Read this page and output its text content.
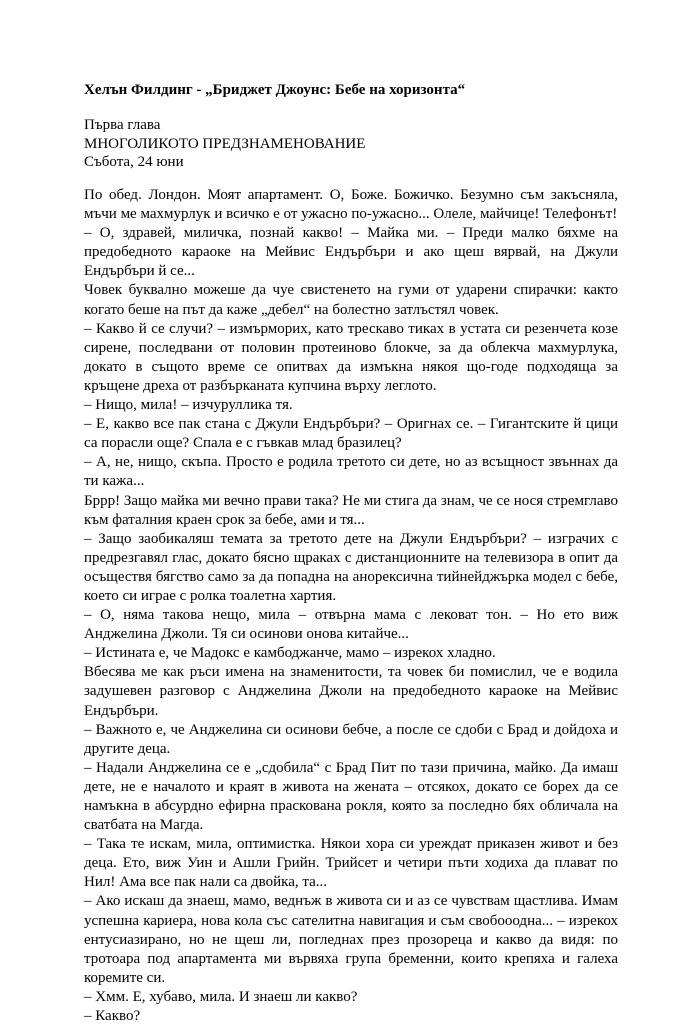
Хелън Филдинг - „Бриджет Джоунс: Бебе на хоризонта“
Първа глава
МНОГОЛИКОТО ПРЕДЗНАМЕНОВАНИЕ
Събота, 24 юни

По обед. Лондон. Моят апартамент. О, Боже. Божичко. Безумно съм закъсняла, мъчи ме махмурлук и всичко е от ужасно по-ужасно... Олеле, майчице! Телефонът!

– О, здравей, миличка, познай какво! – Майка ми. – Преди малко бяхме на предобедното караоке на Мейвис Ендърбъри и ако щеш вярвай, на Джули Ендърбъри й се...

Човек буквално можеше да чуе свистенето на гуми от ударени спирачки: както когато беше на път да каже „дебел“ на болестно затлъстял човек.

– Какво й се случи? – измърморих, като трескаво тиках в устата си резенчета козе сирене, последвани от половин протеиново блокче, за да облекча махмурлука, докато в същото време се опитвах да измъкна някоя що-годе подходяща за кръщене дреха от разбърканата купчина върху леглото.

– Нищо, мила! – изчуруллика тя.

– Е, какво все пак стана с Джули Ендърбъри? – Оригнах се. – Гигантските й цици са порасли още? Спала е с гъвкав млад бразилец?

– А, не, нищо, скъпа. Просто е родила третото си дете, но аз всъщност звъннах да ти кажа...

Бррр! Защо майка ми вечно прави така? Не ми стига да знам, че се нося стремглаво към фаталния краен срок за бебе, ами и тя...

– Защо заобикаляш темата за третото дете на Джули Ендърбъри? – изграчих с предрезгавял глас, докато бясно щраках с дистанционните на телевизора в опит да осъществя бягство само за да попадна на анорексична тийнейджърка модел с бебе, което си играе с ролка тоалетна хартия.

– О, няма такова нещо, мила – отвърна мама с лековат тон. – Но ето виж Анджелина Джоли. Тя си осинови онова китайче...

– Истината е, че Мадокс е камбоджанче, мамо – изрекох хладно.

Вбесява ме как ръси имена на знаменитости, та човек би помислил, че е водила задушевен разговор с Анджелина Джоли на предобедното караоке на Мейвис Ендърбъри.

– Важното е, че Анджелина си осинови бебче, а после се сдоби с Брад и дойдоха и другите деца.

– Надали Анджелина се е „сдобила“ с Брад Пит по тази причина, майко. Да имаш дете, не е началото и краят в живота на жената – отсякох, докато се борех да се намъкна в абсурдно ефирна праскована рокля, която за последно бях обличала на сватбата на Магда.

– Така те искам, мила, оптимистка. Някои хора си уреждат приказен живот и без деца. Ето, виж Уин и Ашли Грийн. Трийсет и четири пъти ходиха да плават по Нил! Ама все пак нали са двойка, та...

– Ако искаш да знаеш, мамо, веднъж в живота си и аз се чувствам щастлива. Имам успешна кариера, нова кола със сателитна навигация и съм свобооодна... – изрекох ентусиазирано, но не щеш ли, погледнах през прозореца и какво да видя: по тротоара под апартамента ми вървяха група бременни, които крепяха и галеха коремите си.

– Хмм. Е, хубаво, мила. И знаеш ли какво?

– Какво?
